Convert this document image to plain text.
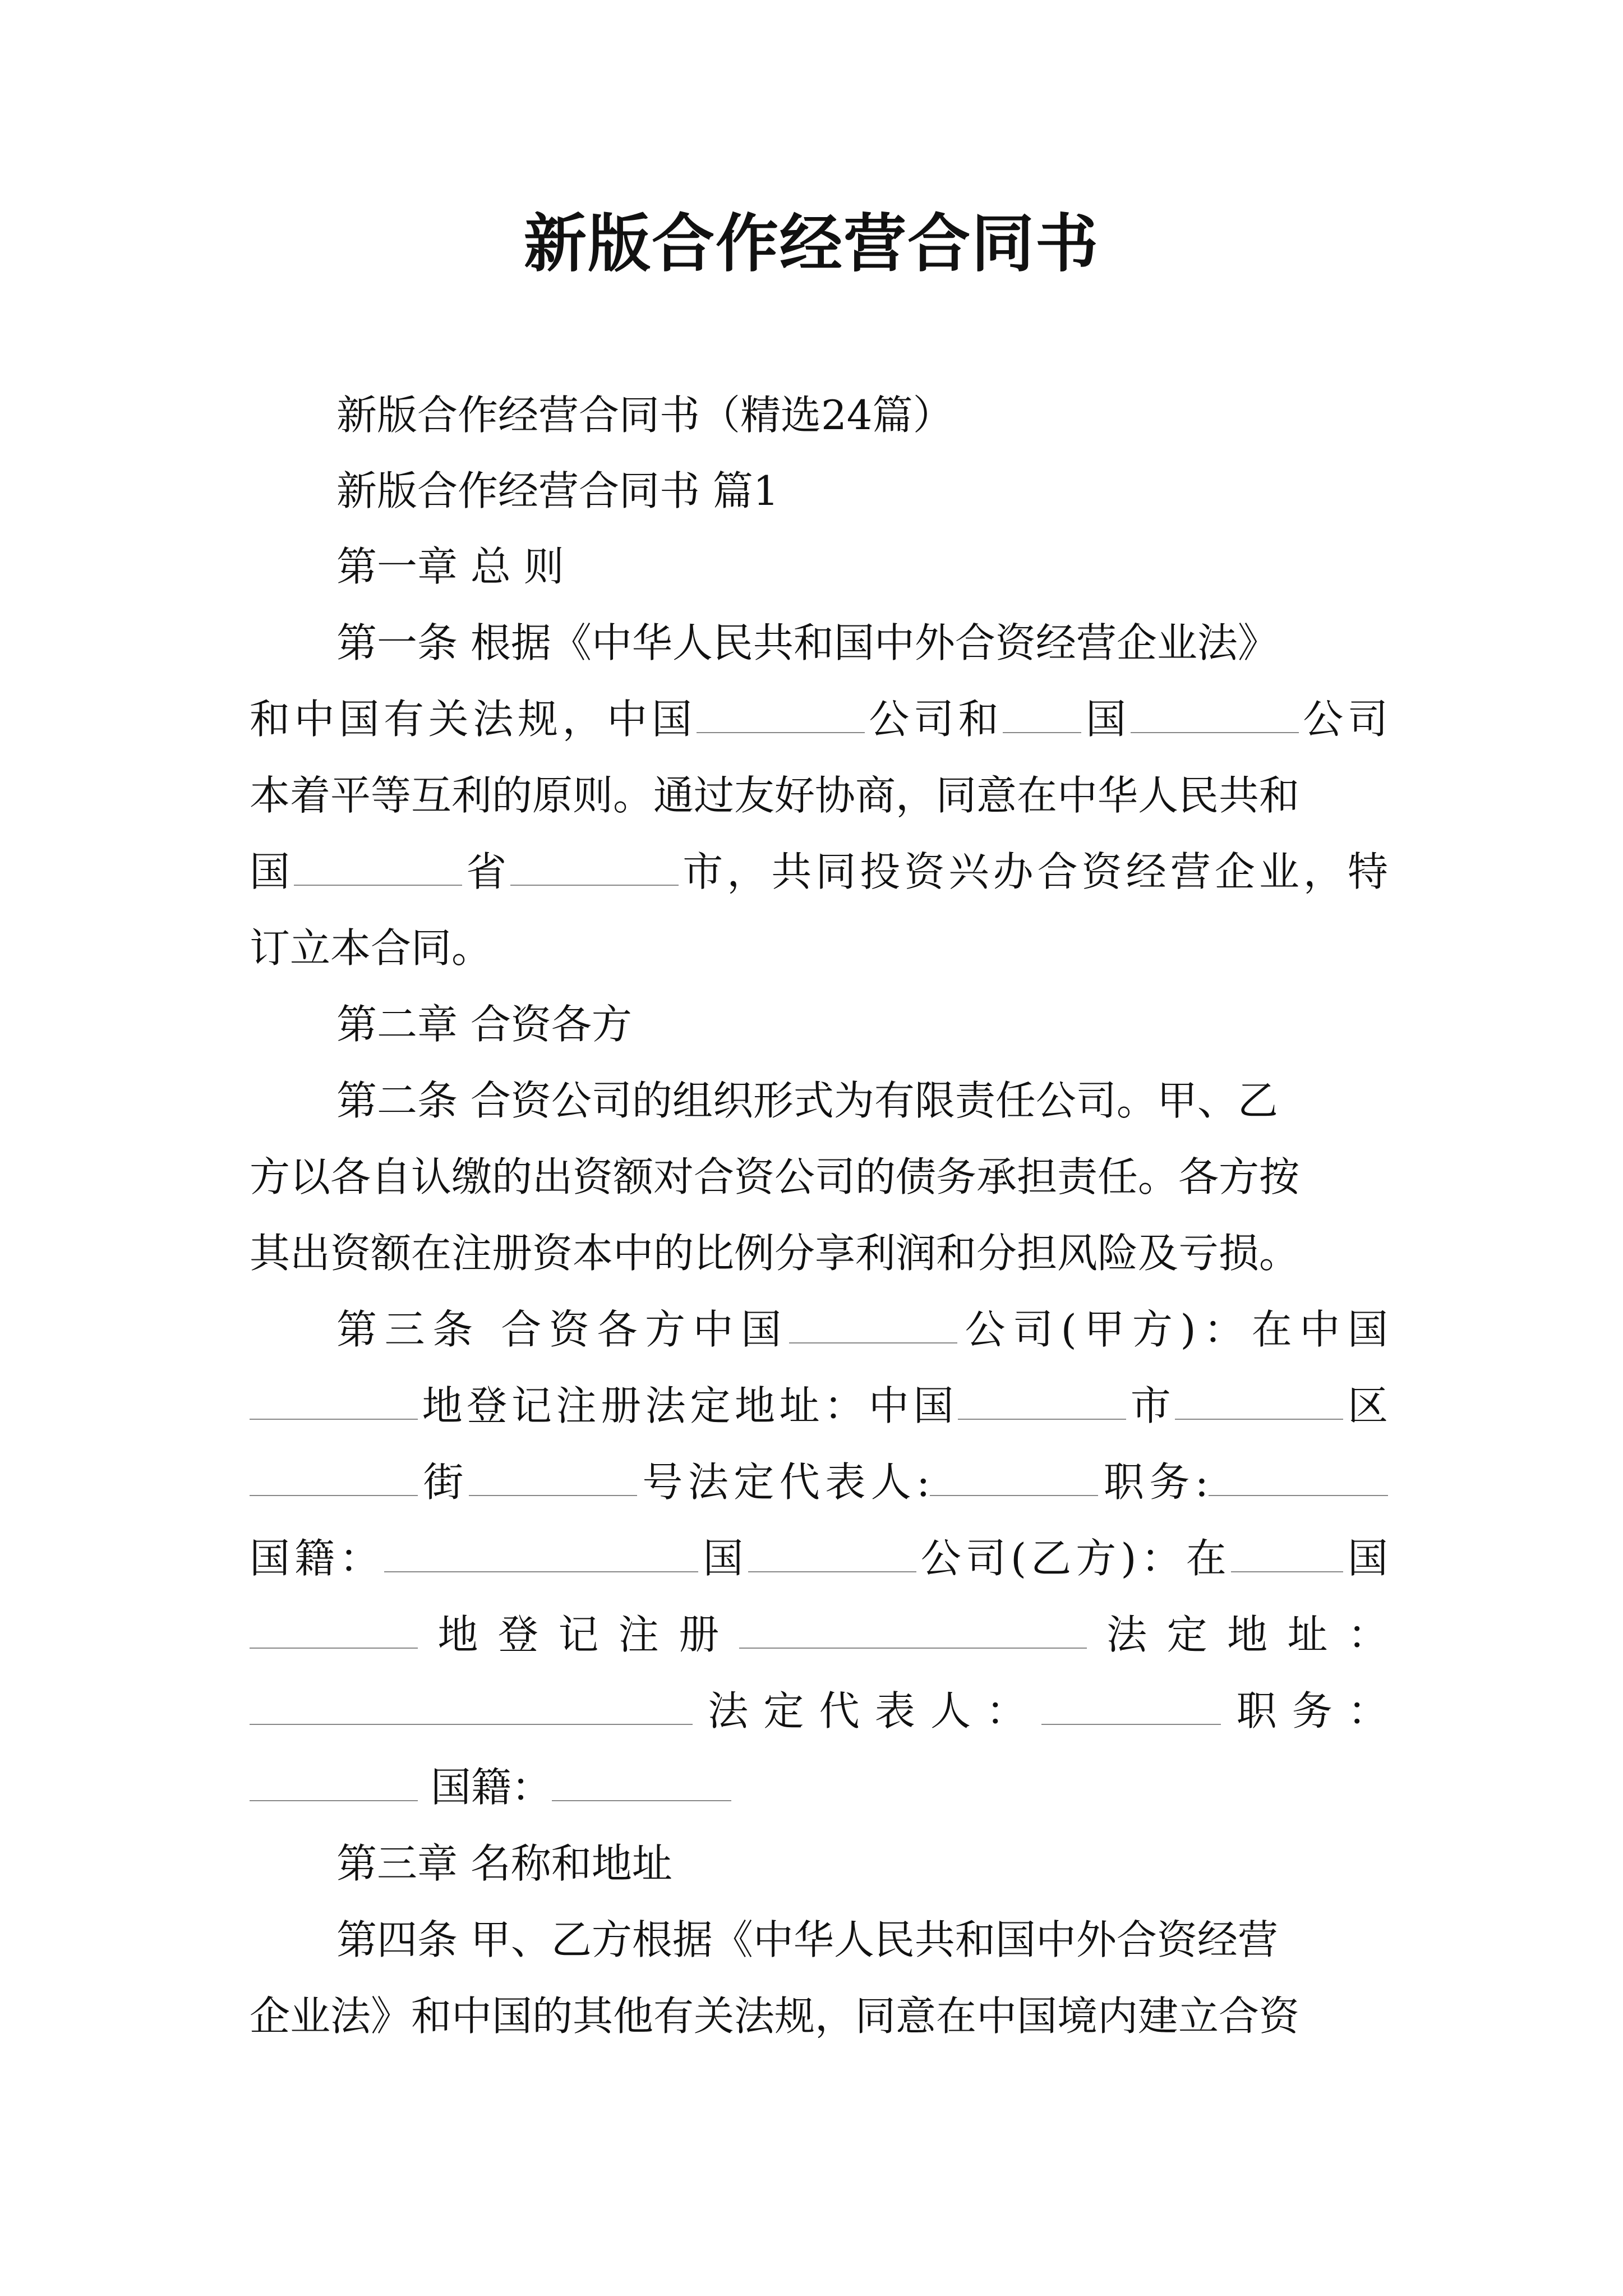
新版合作经营合同书
新版合作经营合同书（精选24篇）
新版合作经营合同书 篇1
第一章 总 则
第一条 根据《中华人民共和国中外合资经营企业法》
和中国有关法规，中国	公司和 国	公司
本着平等互利的原则。通过友好协商，同意在中华人民共和
国	省	市，共同投资兴办合资经营企业，特
订立本合同。
第二章 合资各方
第二条 合资公司的组织形式为有限责任公司。甲、乙
方以各自认缴的出资额对合资公司的债务承担责任。各方按
其出资额在注册资本中的比例分享利润和分担风险及亏损。
第三条 合资各方中国	公司(甲方)：在中国
地登记注册法定地址：中国	市	区
街	号法定代表人:	职务:
国籍：	国	公司(乙方)：在	国
地登记注册	法定地址：
法定代表人：	职务：
国籍：
第三章 名称和地址
第四条 甲、乙方根据《中华人民共和国中外合资经营
企业法》和中国的其他有关法规，同意在中国境内建立合资
